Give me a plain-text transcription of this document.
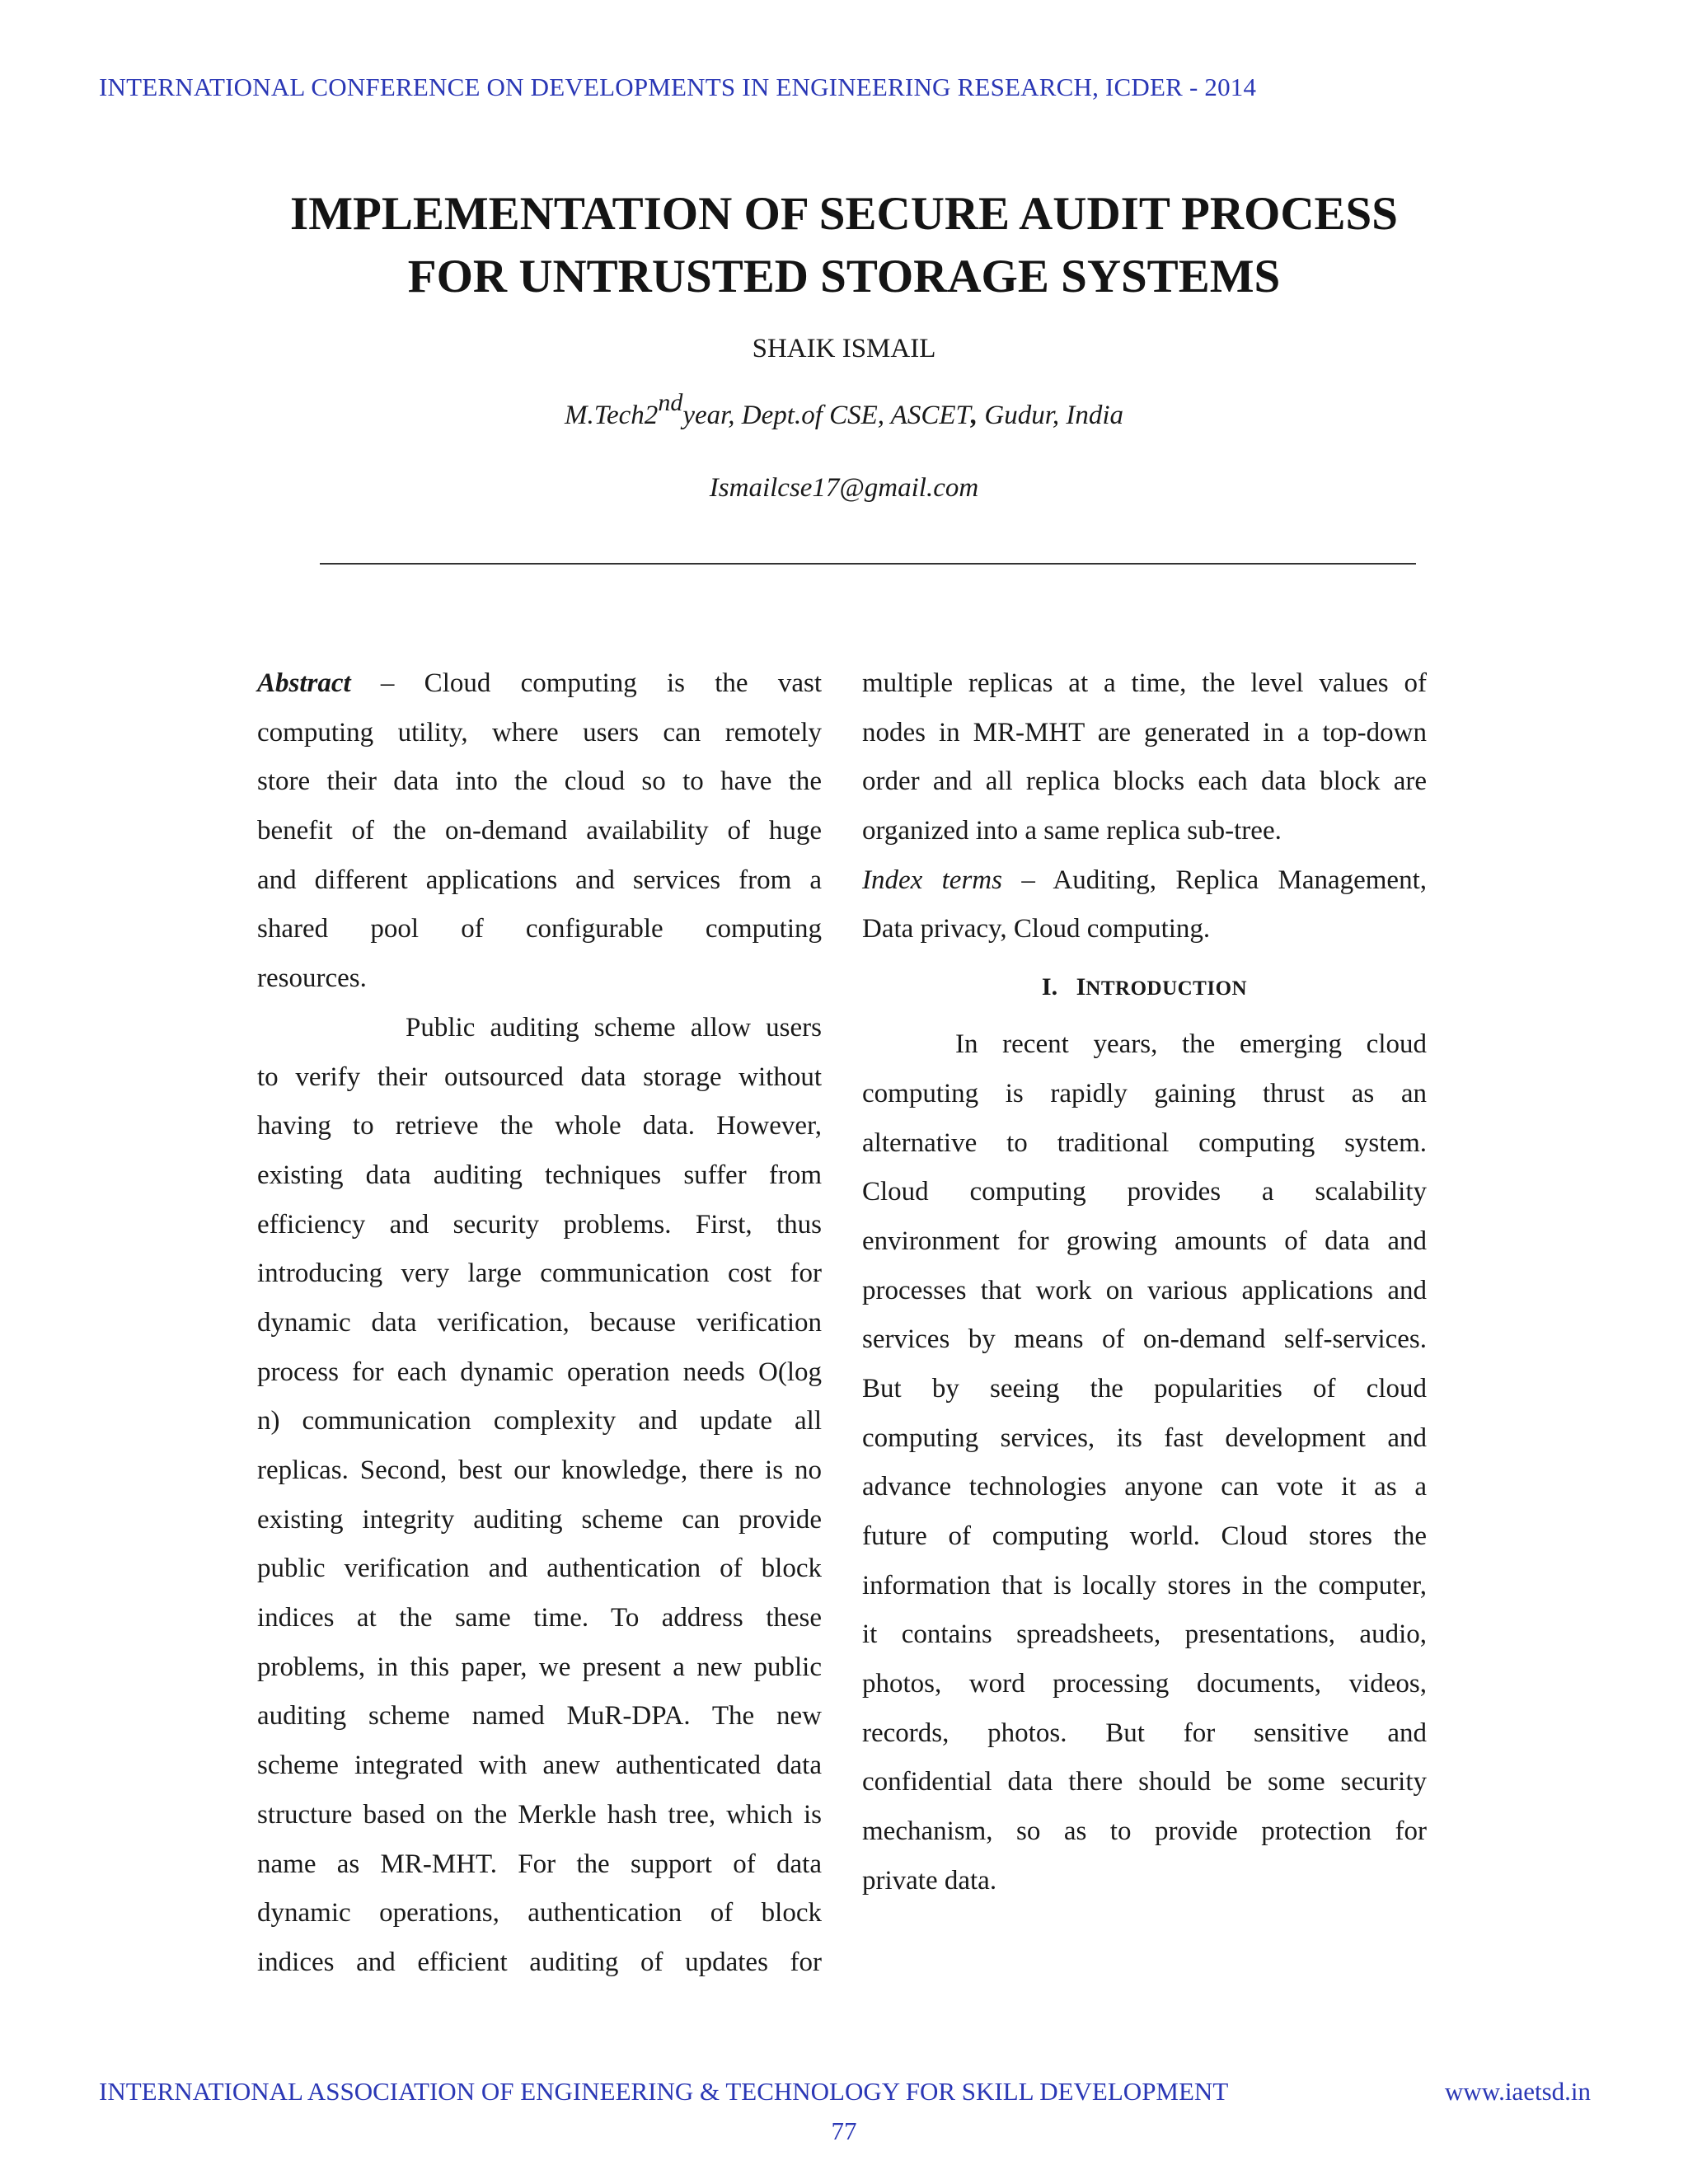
INTERNATIONAL CONFERENCE ON DEVELOPMENTS IN ENGINEERING RESEARCH, ICDER - 2014
IMPLEMENTATION OF SECURE AUDIT PROCESS
FOR UNTRUSTED STORAGE SYSTEMS
SHAIK ISMAIL
M.Tech2ndyear, Dept.of CSE, ASCET, Gudur, India
Ismailcse17@gmail.com
Abstract – Cloud computing is the vast
computing utility, where users can remotely
store their data into the cloud so to have the
benefit of the on-demand availability of huge
and different applications and services from a
shared pool of configurable computing
resources.
Public auditing scheme allow users
to verify their outsourced data storage without
having to retrieve the whole data. However,
existing data auditing techniques suffer from
efficiency and security problems. First, thus
introducing very large communication cost for
dynamic data verification, because verification
process for each dynamic operation needs O(log
n) communication complexity and update all
replicas. Second, best our knowledge, there is no
existing integrity auditing scheme can provide
public verification and authentication of block
indices at the same time. To address these
problems, in this paper, we present a new public
auditing scheme named MuR-DPA. The new
scheme integrated with anew authenticated data
structure based on the Merkle hash tree, which is
name as MR-MHT. For the support of data
dynamic operations, authentication of block
indices and efficient auditing of updates for
multiple replicas at a time, the level values of
nodes in MR-MHT are generated in a top-down
order and all replica blocks each data block are
organized into a same replica sub-tree.
Index terms – Auditing, Replica Management,
Data privacy, Cloud computing.
I. INTRODUCTION
In recent years, the emerging cloud
computing is rapidly gaining thrust as an
alternative to traditional computing system.
Cloud computing provides a scalability
environment for growing amounts of data and
processes that work on various applications and
services by means of on-demand self-services.
But by seeing the popularities of cloud
computing services, its fast development and
advance technologies anyone can vote it as a
future of computing world. Cloud stores the
information that is locally stores in the computer,
it contains spreadsheets, presentations, audio,
photos, word processing documents, videos,
records, photos. But for sensitive and
confidential data there should be some security
mechanism, so as to provide protection for
private data.
INTERNATIONAL ASSOCIATION OF ENGINEERING & TECHNOLOGY FOR SKILL DEVELOPMENT	www.iaetsd.in
77
